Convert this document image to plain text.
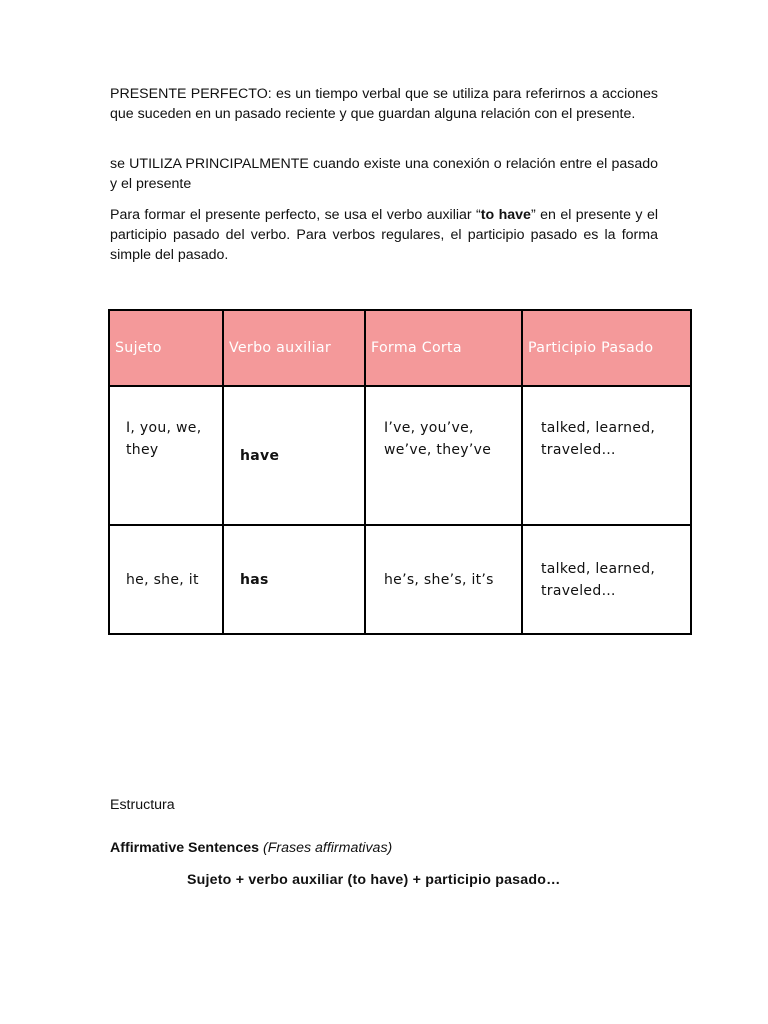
PRESENTE PERFECTO: es un tiempo verbal que se utiliza para referirnos a acciones que suceden en un pasado reciente y que guardan alguna relación con el presente.

se UTILIZA PRINCIPALMENTE cuando existe una conexión o relación entre el pasado y el presente

Para formar el presente perfecto, se usa el verbo auxiliar “to have” en el presente y el participio pasado del verbo. Para verbos regulares, el participio pasado es la forma simple del pasado.

Sujeto	Verbo auxiliar	Forma Corta	Participio Pasado
I, you, we, they	have	I’ve, you’ve, we’ve, they’ve	talked, learned, traveled…
he, she, it	has	he’s, she’s, it’s	talked, learned, traveled…

Estructura

Affirmative Sentences (Frases affirmativas)

Sujeto + verbo auxiliar (to have) + participio pasado…
